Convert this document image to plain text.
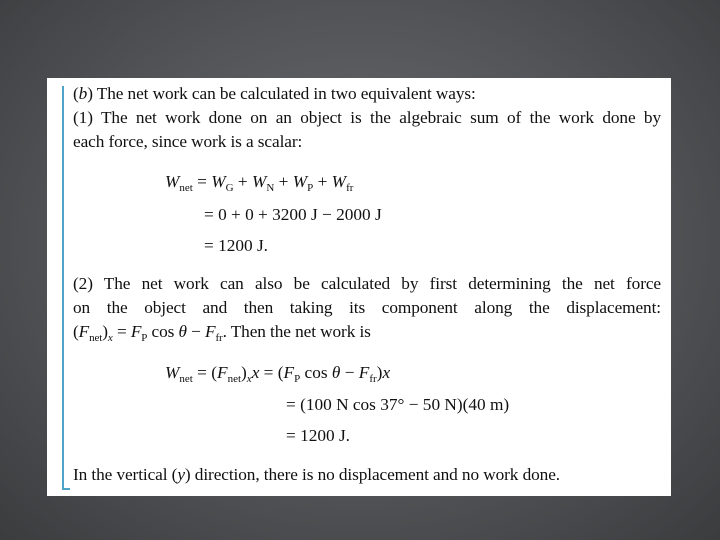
(b) The net work can be calculated in two equivalent ways:
(1) The net work done on an object is the algebraic sum of the work done by
each force, since work is a scalar:
$W_{net} = W_G + W_N + W_P + W_{fr}$
= 0 + 0 + 3200 J − 2000 J
= 1200 J.
(2) The net work can also be calculated by first determining the net force
on the object and then taking its component along the displacement:
$(F_{net})_x = F_P$ $\cos \theta - F_{fr}$. Then the net work is
$W_{net} = (F_{net})_xx = (F_P$ $\cos \theta - F_{fr})x$
= (100 N cos 37° − 50 N)(40 m)
= 1200 J.
In the vertical (y) direction, there is no displacement and no work done.
